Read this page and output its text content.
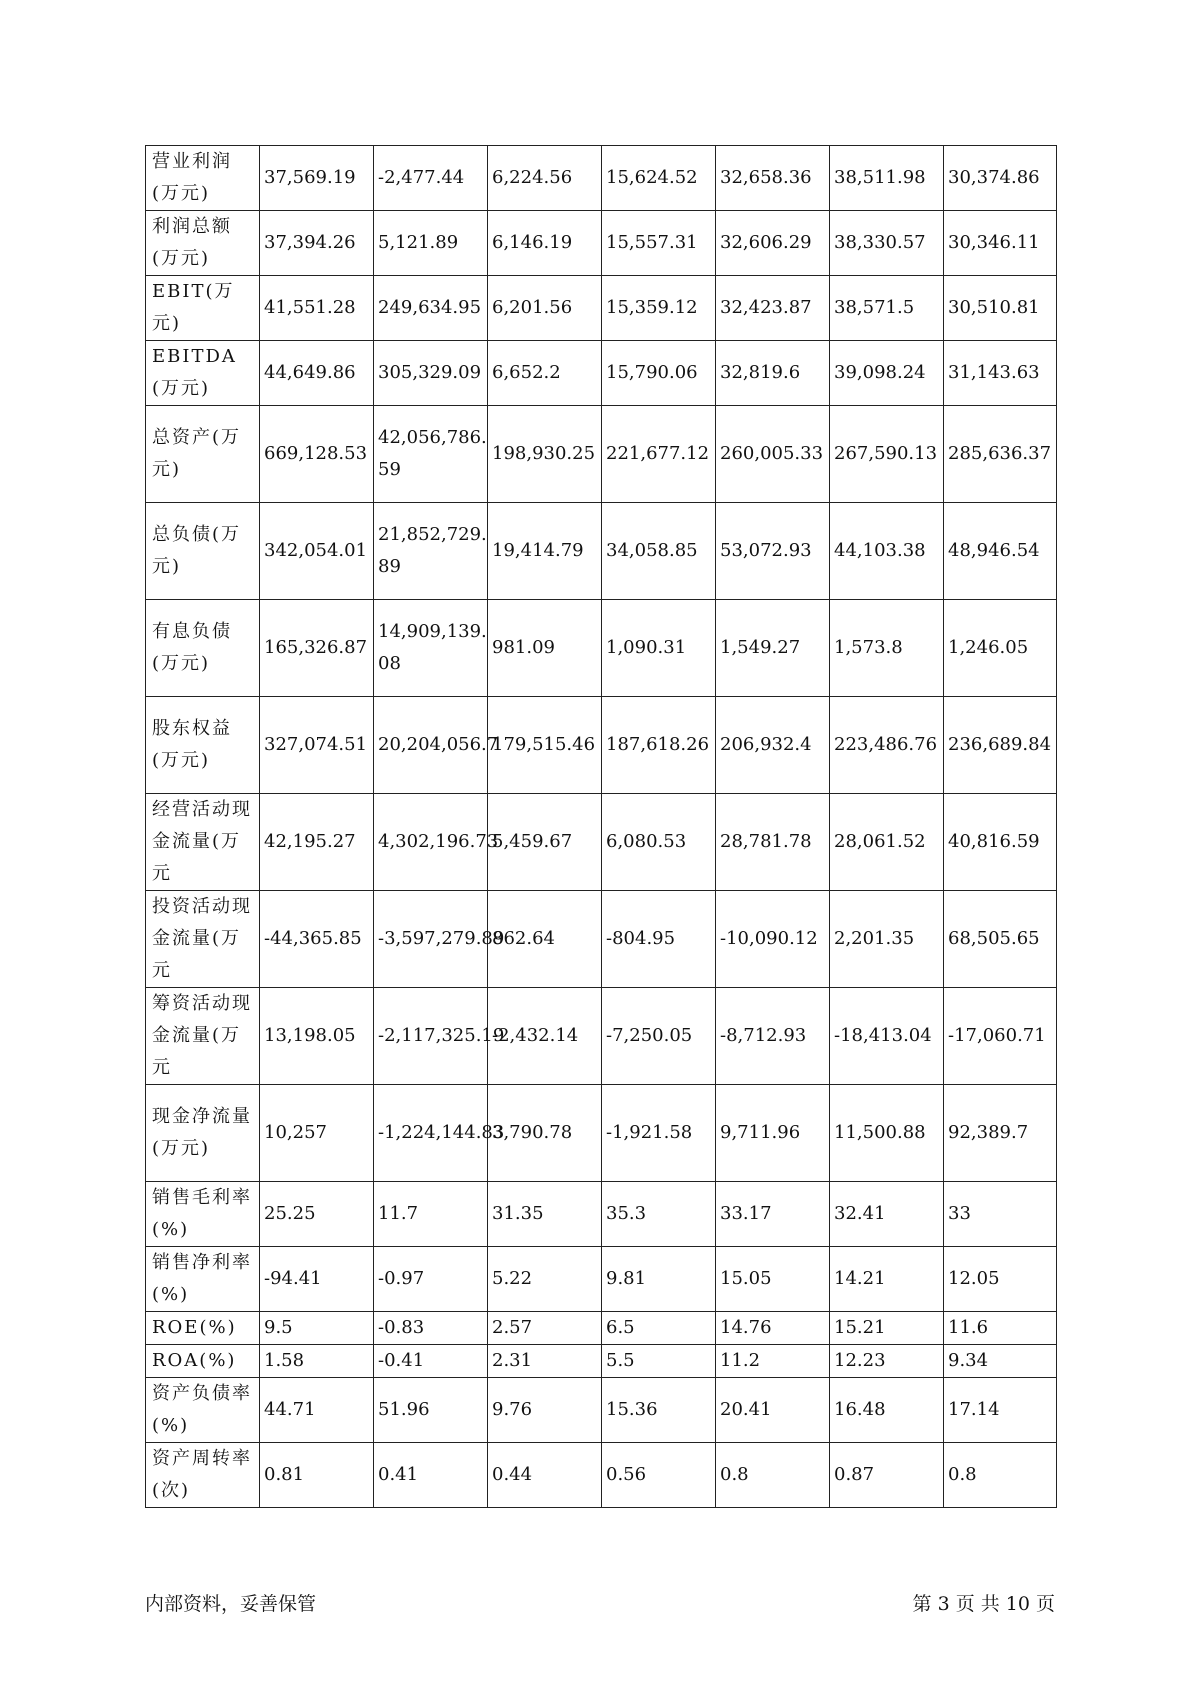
营业利润(万元)	37,569.19	-2,477.44	6,224.56	15,624.52	32,658.36	38,511.98	30,374.86
利润总额(万元)	37,394.26	5,121.89	6,146.19	15,557.31	32,606.29	38,330.57	30,346.11
EBIT(万元)	41,551.28	249,634.95	6,201.56	15,359.12	32,423.87	38,571.5	30,510.81
EBITDA(万元)	44,649.86	305,329.09	6,652.2	15,790.06	32,819.6	39,098.24	31,143.63
总资产(万元)	669,128.53	42,056,786.59	198,930.25	221,677.12	260,005.33	267,590.13	285,636.37
总负债(万元)	342,054.01	21,852,729.89	19,414.79	34,058.85	53,072.93	44,103.38	48,946.54
有息负债(万元)	165,326.87	14,909,139.08	981.09	1,090.31	1,549.27	1,573.8	1,246.05
股东权益(万元)	327,074.51	20,204,056.7	179,515.46	187,618.26	206,932.4	223,486.76	236,689.84
经营活动现金流量(万元	42,195.27	4,302,196.73	5,459.67	6,080.53	28,781.78	28,061.52	40,816.59
投资活动现金流量(万元	-44,365.85	-3,597,279.89	862.64	-804.95	-10,090.12	2,201.35	68,505.65
筹资活动现金流量(万元	13,198.05	-2,117,325.19	-2,432.14	-7,250.05	-8,712.93	-18,413.04	-17,060.71
现金净流量(万元)	10,257	-1,224,144.83	3,790.78	-1,921.58	9,711.96	11,500.88	92,389.7
销售毛利率(%)	25.25	11.7	31.35	35.3	33.17	32.41	33
销售净利率(%)	-94.41	-0.97	5.22	9.81	15.05	14.21	12.05
ROE(%)	9.5	-0.83	2.57	6.5	14.76	15.21	11.6
ROA(%)	1.58	-0.41	2.31	5.5	11.2	12.23	9.34
资产负债率(%)	44.71	51.96	9.76	15.36	20.41	16.48	17.14
资产周转率(次)	0.81	0.41	0.44	0.56	0.8	0.87	0.8
内部资料，妥善保管	第 3 页 共 10 页
